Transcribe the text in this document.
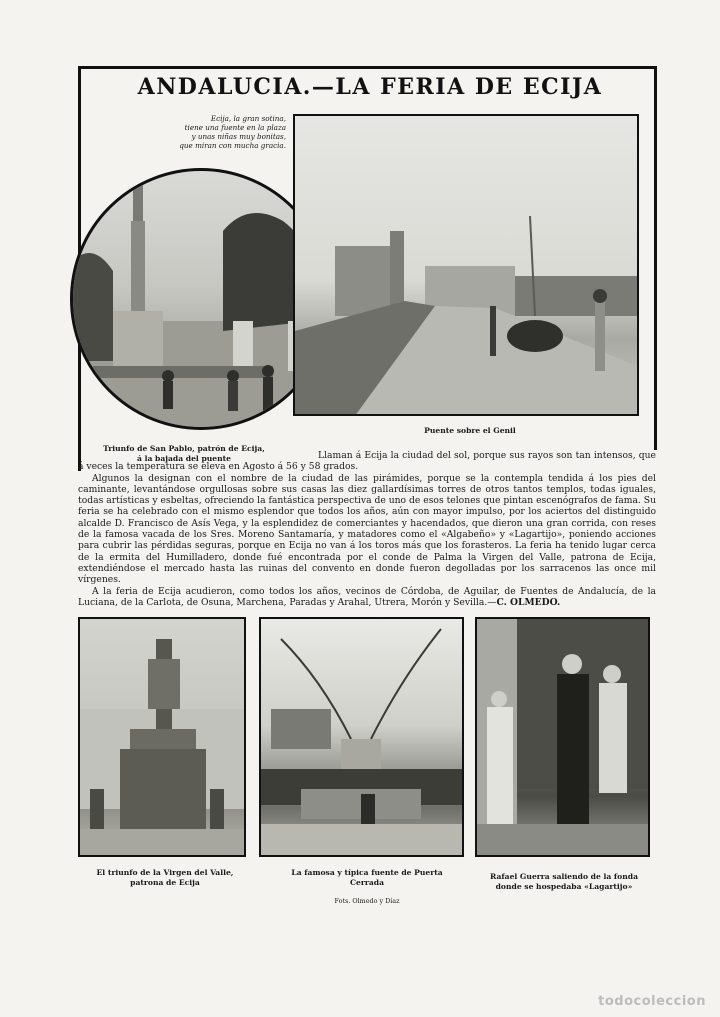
ANDALUCIA.—LA FERIA DE ECIJA
Ecija, la gran sotina,
tiene una fuente en la plaza
y unas niñas muy bonitas,
que miran con mucha gracia.
Triunfo de San Pablo, patrón de Ecija,
á la bajada del puente
Puente sobre el Genil

Llaman á Ecija la ciudad del sol, porque sus rayos son tan intensos, que á veces la temperatura se eleva en Agosto á 56 y 58 grados.

Algunos la designan con el nombre de la ciudad de las pirámides, porque se la contempla tendida á los pies del caminante, levantándose orgullosas sobre sus casas las diez gallardísimas torres de otros tantos templos, todas iguales, todas artísticas y esbeltas, ofreciendo la fantástica perspectiva de uno de esos telones que pintan escenógrafos de fama. Su feria se ha celebrado con el mismo esplendor que todos los años, aún con mayor impulso, por los aciertos del distinguido alcalde D. Francisco de Asís Vega, y la esplendidez de comerciantes y hacendados, que dieron una gran corrida, con reses de la famosa vacada de los Sres. Moreno Santamaría, y matadores como el «Algabeño» y «Lagartijo», poniendo acciones para cubrir las pérdidas seguras, porque en Ecija no van á los toros más que los forasteros. La feria ha tenido lugar cerca de la ermita del Humilladero, donde fué encontrada por el conde de Palma la Virgen del Valle, patrona de Ecija, extendiéndose el mercado hasta las ruinas del convento en donde fueron degolladas por los sarracenos las once mil vírgenes.

A la feria de Ecija acudieron, como todos los años, vecinos de Córdoba, de Aguilar, de Fuentes de Andalucía, de la Luciana, de la Carlota, de Osuna, Marchena, Paradas y Arahal, Utrera, Morón y Sevilla.—C. OLMEDO.

El triunfo de la Virgen del Valle,
patrona de Ecija
La famosa y típica fuente de Puerta
Cerrada

Fots. Olmedo y Díaz
Rafael Guerra saliendo de la fonda
donde se hospedaba «Lagartijo»
todocoleccion
